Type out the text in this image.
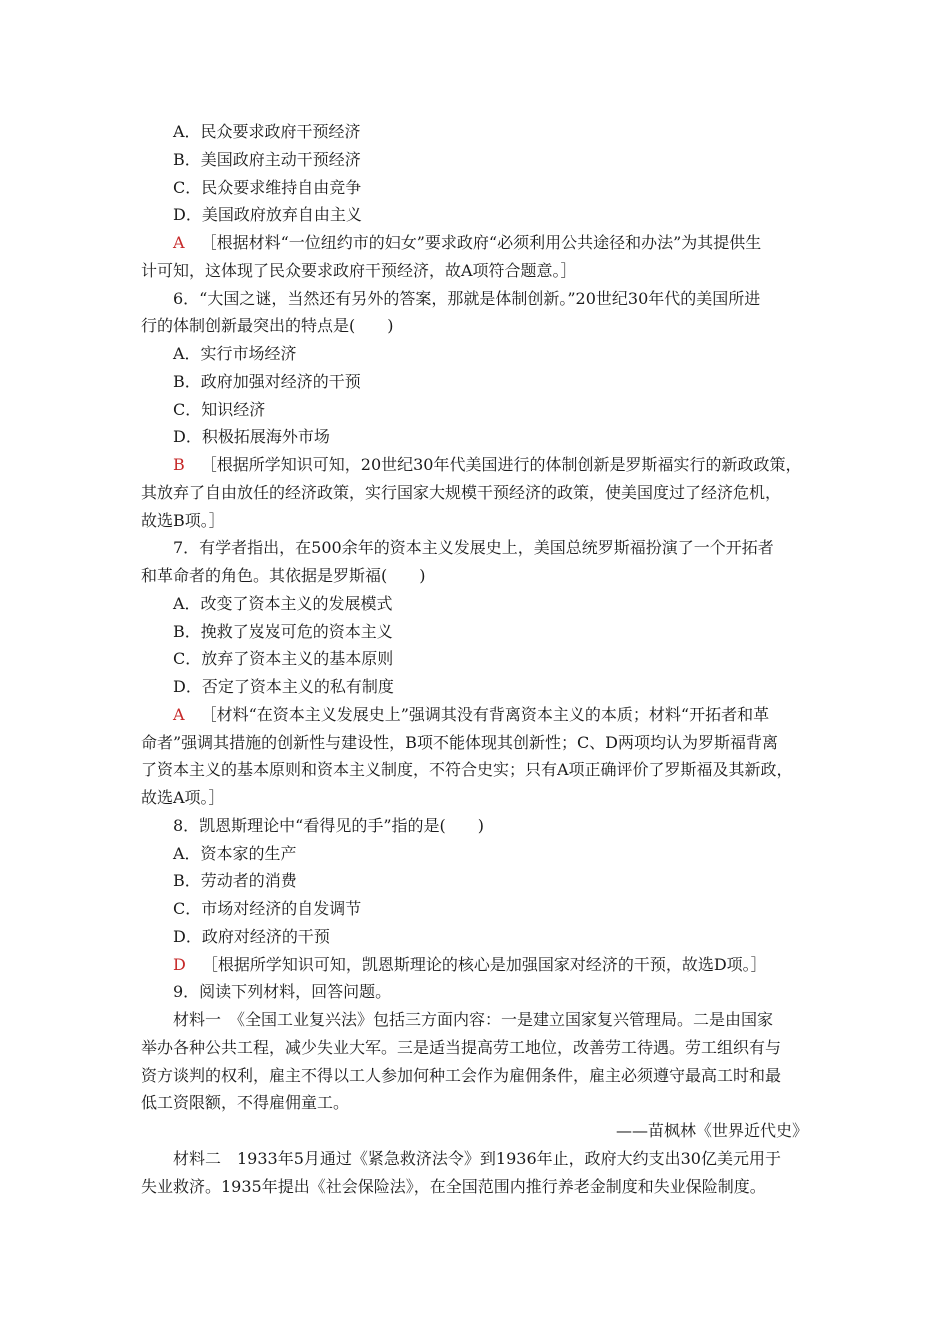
A．民众要求政府干预经济
B．美国政府主动干预经济
C．民众要求维持自由竞争
D．美国政府放弃自由主义
A ［根据材料“一位纽约市的妇女”要求政府“必须利用公共途径和办法”为其提供生
计可知，这体现了民众要求政府干预经济，故A项符合题意。］
6．“大国之谜，当然还有另外的答案，那就是体制创新。”20世纪30年代的美国所进
行的体制创新最突出的特点是(　　)
A．实行市场经济
B．政府加强对经济的干预
C．知识经济
D．积极拓展海外市场
B ［根据所学知识可知，20世纪30年代美国进行的体制创新是罗斯福实行的新政政策，
其放弃了自由放任的经济政策，实行国家大规模干预经济的政策，使美国度过了经济危机，
故选B项。］
7．有学者指出，在500余年的资本主义发展史上，美国总统罗斯福扮演了一个开拓者
和革命者的角色。其依据是罗斯福(　　)
A．改变了资本主义的发展模式
B．挽救了岌岌可危的资本主义
C．放弃了资本主义的基本原则
D．否定了资本主义的私有制度
A ［材料“在资本主义发展史上”强调其没有背离资本主义的本质；材料“开拓者和革
命者”强调其措施的创新性与建设性，B项不能体现其创新性；C、D两项均认为罗斯福背离
了资本主义的基本原则和资本主义制度，不符合史实；只有A项正确评价了罗斯福及其新政，
故选A项。］
8．凯恩斯理论中“看得见的手”指的是(　　)
A．资本家的生产
B．劳动者的消费
C．市场对经济的自发调节
D．政府对经济的干预
D ［根据所学知识可知，凯恩斯理论的核心是加强国家对经济的干预，故选D项。］
9．阅读下列材料，回答问题。
材料一　《全国工业复兴法》包括三方面内容：一是建立国家复兴管理局。二是由国家
举办各种公共工程，减少失业大军。三是适当提高劳工地位，改善劳工待遇。劳工组织有与
资方谈判的权利，雇主不得以工人参加何种工会作为雇佣条件，雇主必须遵守最高工时和最
低工资限额，不得雇佣童工。
——苗枫林《世界近代史》
材料二　1933年5月通过《紧急救济法令》到1936年止，政府大约支出30亿美元用于
失业救济。1935年提出《社会保险法》，在全国范围内推行养老金制度和失业保险制度。
